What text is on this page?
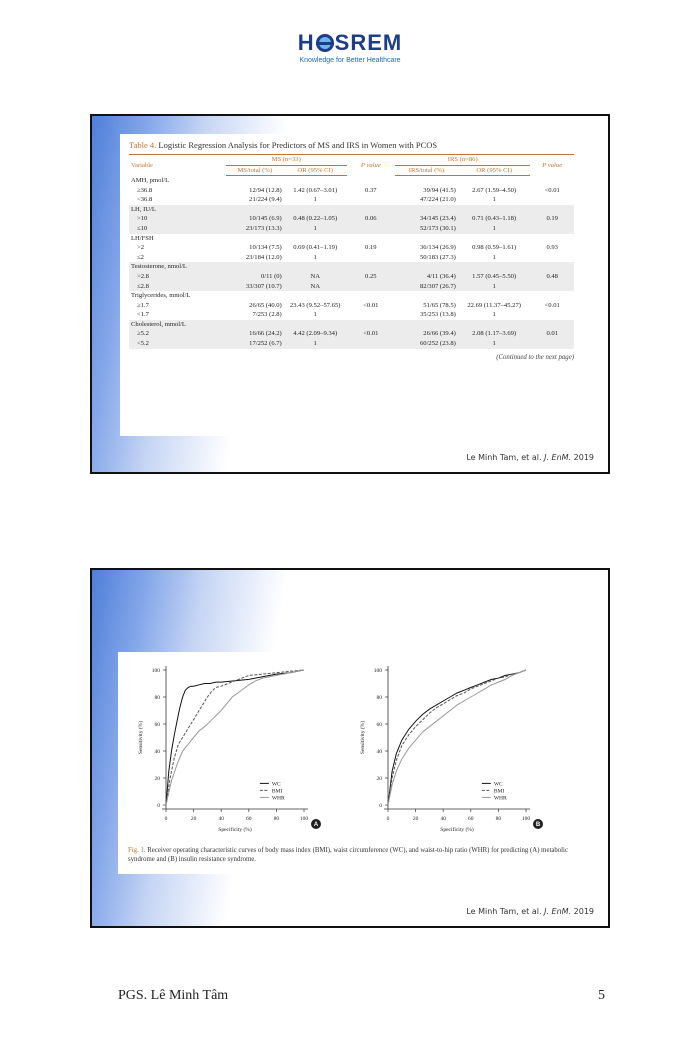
H SREM
Knowledge for Better Healthcare
Table 4. Logistic Regression Analysis for Predictors of MS and IRS in Women with PCOS
Variable	MS (n=33)		P value	IRS (n=86)		P value
	MS/total (%)	OR (95% CI)		IRS/total (%)	OR (95% CI)	
AMH, pmol/L						
≥36.8	12/94 (12.8)	1.42 (0.67–3.01)	0.37	39/94 (41.5)	2.67 (1.59–4.50)	<0.01
<36.8	21/224 (9.4)	1		47/224 (21.0)	1	
LH, IU/L						
>10	10/145 (6.9)	0.48 (0.22–1.05)	0.06	34/145 (23.4)	0.71 (0.43–1.18)	0.19
≤10	23/173 (13.3)	1		52/173 (30.1)	1	
LH/FSH						
>2	10/134 (7.5)	0.69 (0.41–1.19)	0.19	36/134 (26.9)	0.98 (0.59–1.61)	0.93
≤2	23/184 (12.0)	1		50/183 (27.3)	1	
Testosterone, nmol/L						
>2.8	0/11 (0)	NA	0.25	4/11 (36.4)	1.57 (0.45–5.50)	0.48
≤2.8	33/307 (10.7)	NA		82/307 (26.7)	1	
Triglycerides, mmol/L						
≥1.7	26/65 (40.0)	23.43 (9.52–57.65)	<0.01	51/65 (78.5)	22.69 (11.37–45.27)	<0.01
<1.7	7/253 (2.8)	1		35/253 (13.8)	1	
Cholesterol, mmol/L						
≥5.2	16/66 (24.2)	4.42 (2.09–9.34)	<0.01	26/66 (39.4)	2.08 (1.17–3.69)	0.01
<5.2	17/252 (6.7)	1		60/252 (23.8)	1	
(Continued to the next page)
Le Minh Tam, et al. J. EnM. 2019
0
20
40
60
80
100
0	20	40	60	80	100
Specificity (%)
Sensitivity (%)
WC
BMI
WHR
A
0
20
40
60
80
100
0	20	40	60	80	100
Specificity (%)
Sensitivity (%)
WC
BMI
WHR
B
Fig. 1. Receiver operating characteristic curves of body mass index (BMI), waist circumference (WC), and waist-to-hip ratio (WHR) for predicting (A) metabolic syndrome and (B) insulin resistance syndrome.
Le Minh Tam, et al. J. EnM. 2019
PGS. Lê Minh Tâm	5
